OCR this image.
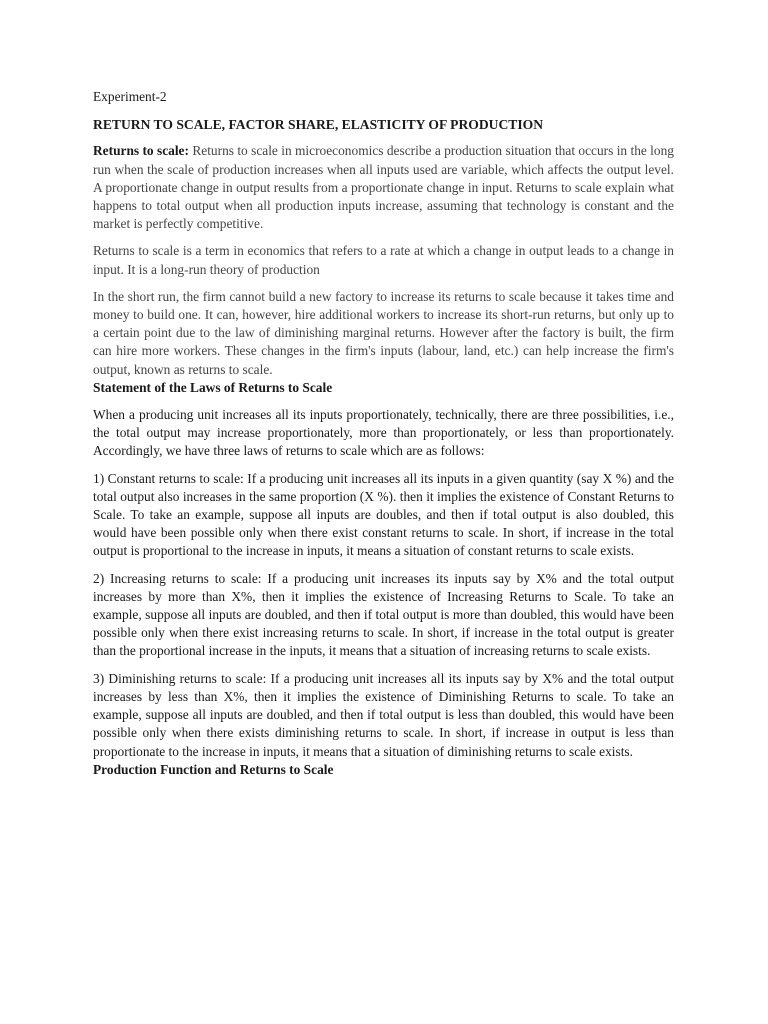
Experiment-2
RETURN TO SCALE, FACTOR SHARE, ELASTICITY OF PRODUCTION

Returns to scale: Returns to scale in microeconomics describe a production situation that occurs in the long run when the scale of production increases when all inputs used are variable, which affects the output level. A proportionate change in output results from a proportionate change in input. Returns to scale explain what happens to total output when all production inputs increase, assuming that technology is constant and the market is perfectly competitive.

Returns to scale is a term in economics that refers to a rate at which a change in output leads to a change in input. It is a long-run theory of production

In the short run, the firm cannot build a new factory to increase its returns to scale because it takes time and money to build one. It can, however, hire additional workers to increase its short-run returns, but only up to a certain point due to the law of diminishing marginal returns. However after the factory is built, the firm can hire more workers. These changes in the firm's inputs (labour, land, etc.) can help increase the firm's output, known as returns to scale.

Statement of the Laws of Returns to Scale

When a producing unit increases all its inputs proportionately, technically, there are three possibilities, i.e., the total output may increase proportionately, more than proportionately, or less than proportionately. Accordingly, we have three laws of returns to scale which are as follows:

1) Constant returns to scale: If a producing unit increases all its inputs in a given quantity (say X %) and the total output also increases in the same proportion (X %). then it implies the existence of Constant Returns to Scale. To take an example, suppose all inputs are doubles, and then if total output is also doubled, this would have been possible only when there exist constant returns to scale. In short, if increase in the total output is proportional to the increase in inputs, it means a situation of constant returns to scale exists.

2) Increasing returns to scale: If a producing unit increases its inputs say by X% and the total output increases by more than X%, then it implies the existence of Increasing Returns to Scale. To take an example, suppose all inputs are doubled, and then if total output is more than doubled, this would have been possible only when there exist increasing returns to scale. In short, if increase in the total output is greater than the proportional increase in the inputs, it means that a situation of increasing returns to scale exists.

3) Diminishing returns to scale: If a producing unit increases all its inputs say by X% and the total output increases by less than X%, then it implies the existence of Diminishing Returns to scale. To take an example, suppose all inputs are doubled, and then if total output is less than doubled, this would have been possible only when there exists diminishing returns to scale. In short, if increase in output is less than proportionate to the increase in inputs, it means that a situation of diminishing returns to scale exists.

Production Function and Returns to Scale
